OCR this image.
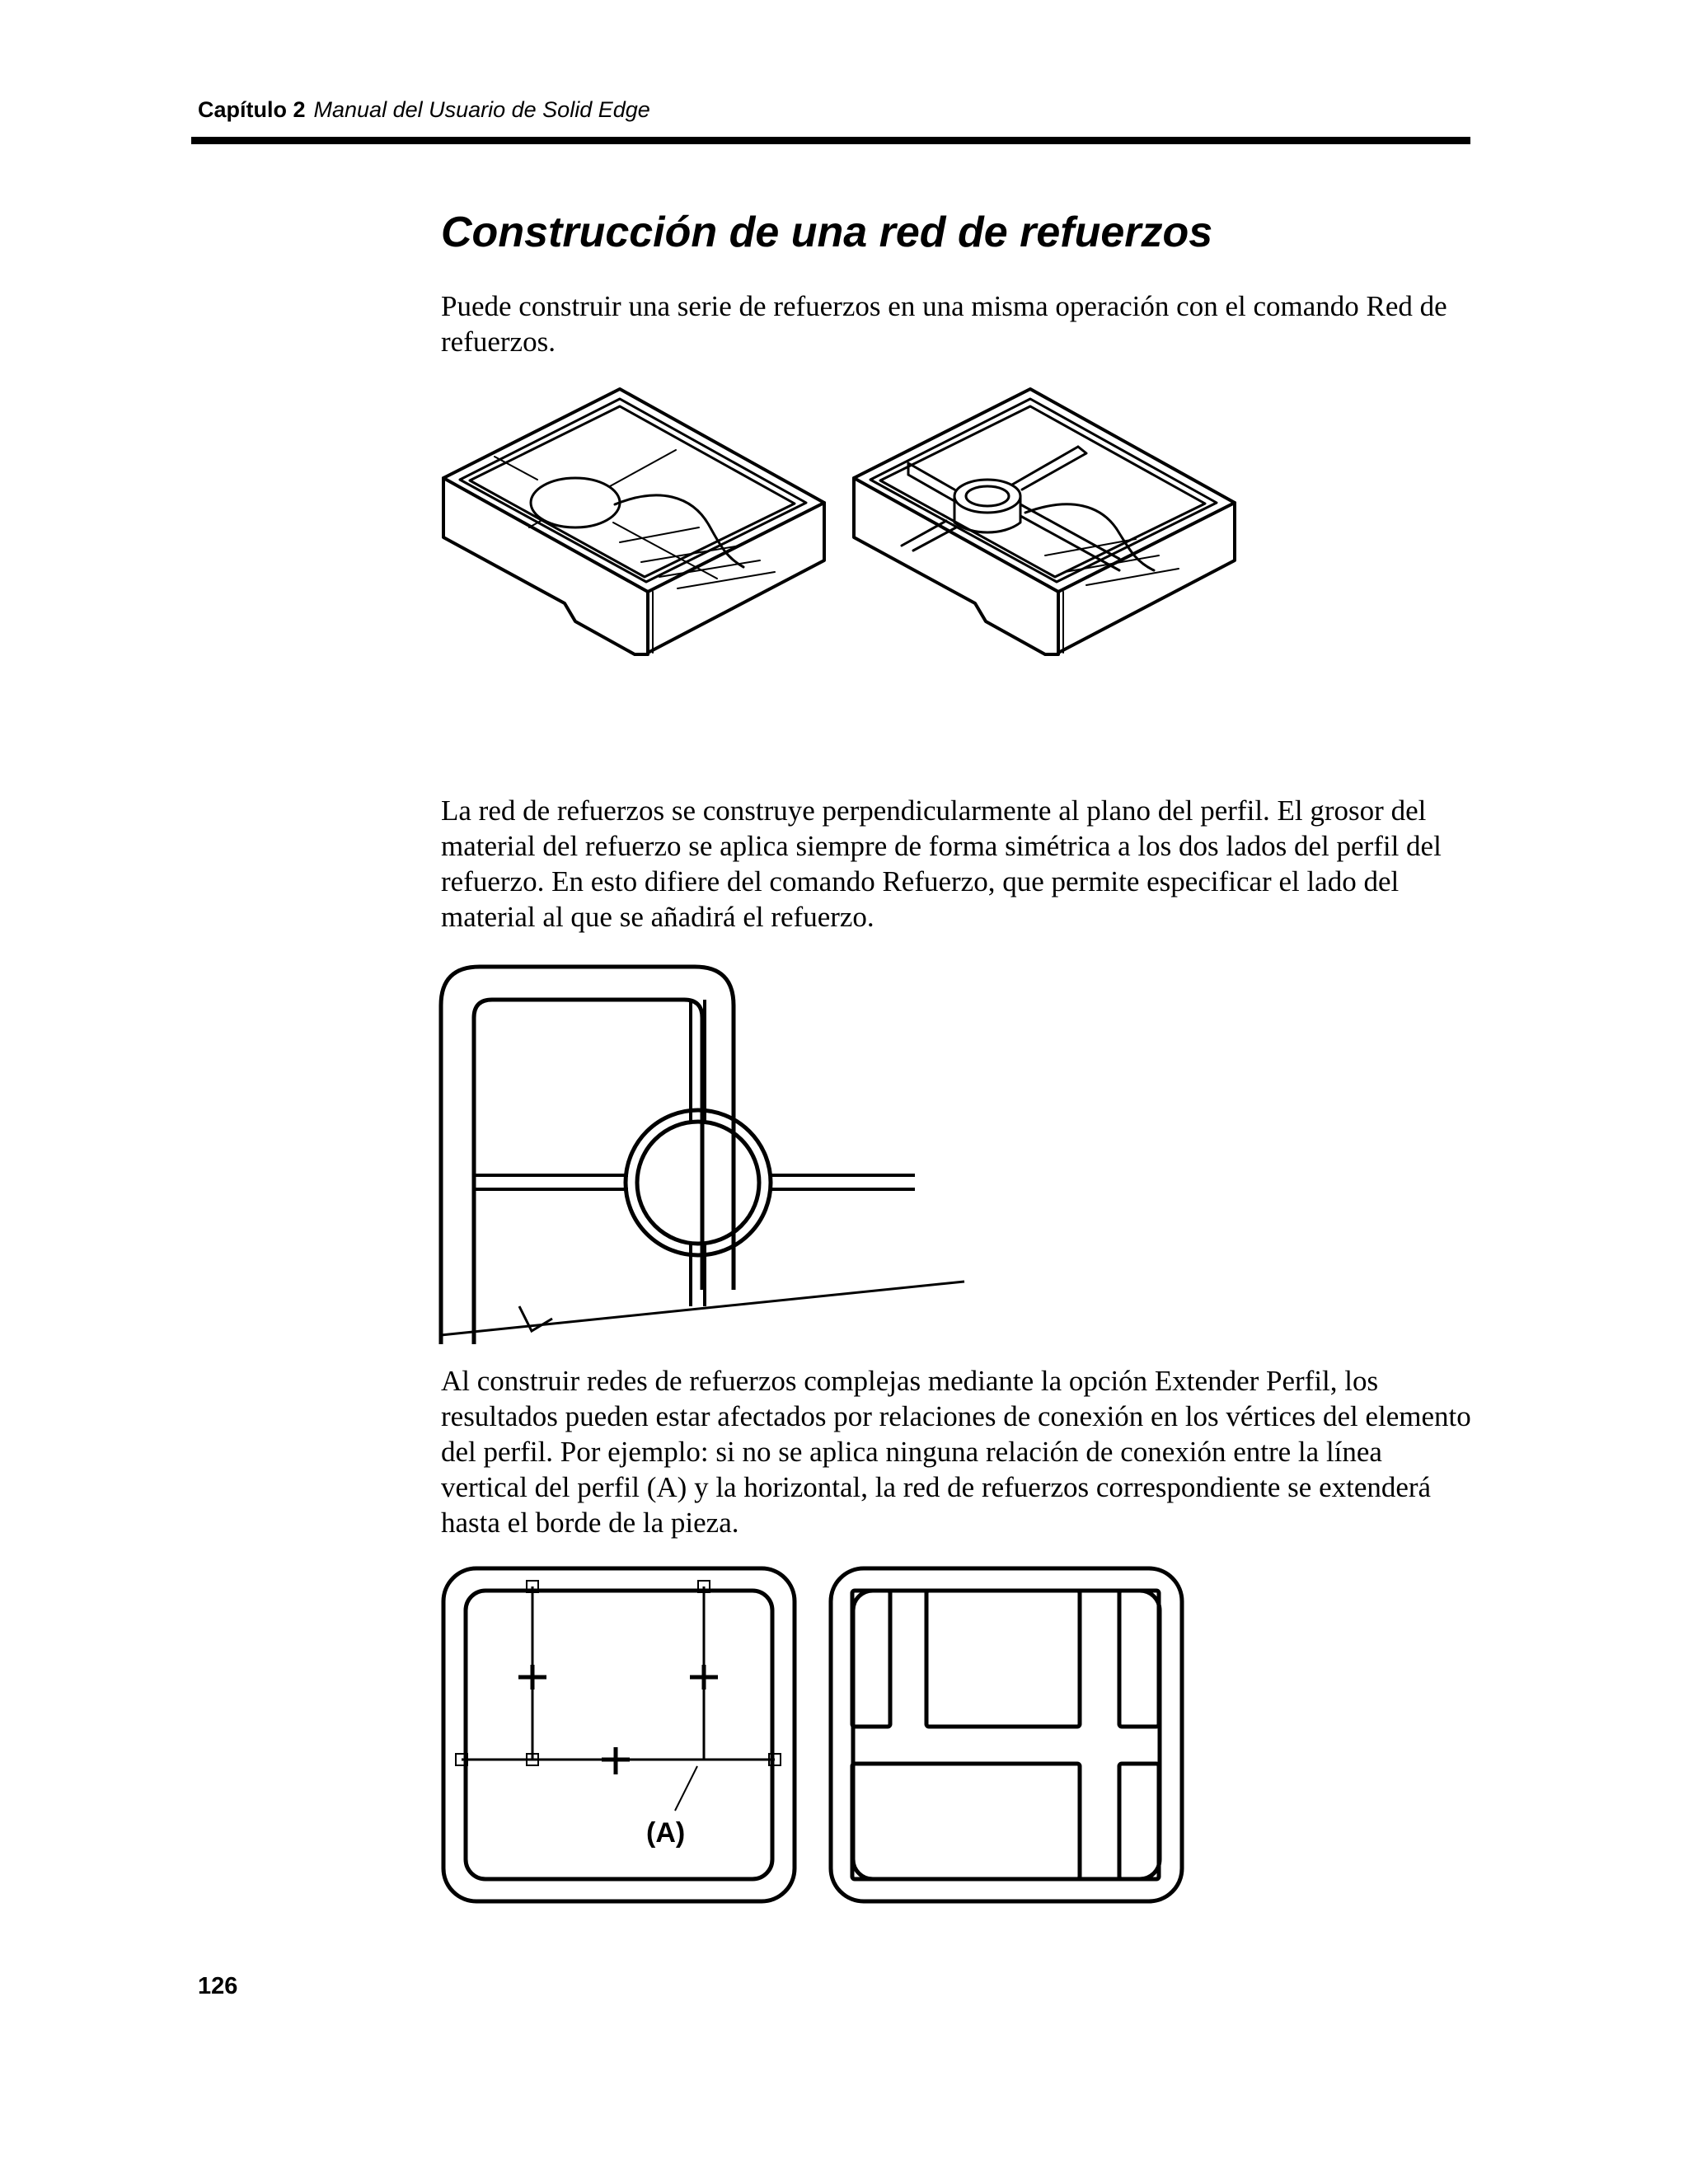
Capítulo 2 Manual del Usuario de Solid Edge
Construcción de una red de refuerzos

Puede construir una serie de refuerzos en una misma operación con el comando Red de refuerzos.

La red de refuerzos se construye perpendicularmente al plano del perfil. El grosor del material del refuerzo se aplica siempre de forma simétrica a los dos lados del perfil del refuerzo. En esto difiere del comando Refuerzo, que permite especificar el lado del material al que se añadirá el refuerzo.

Al construir redes de refuerzos complejas mediante la opción Extender Perfil, los resultados pueden estar afectados por relaciones de conexión en los vértices del elemento del perfil. Por ejemplo: si no se aplica ninguna relación de conexión entre la línea vertical del perfil (A) y la horizontal, la red de refuerzos correspondiente se extenderá hasta el borde de la pieza.

(A)
126
